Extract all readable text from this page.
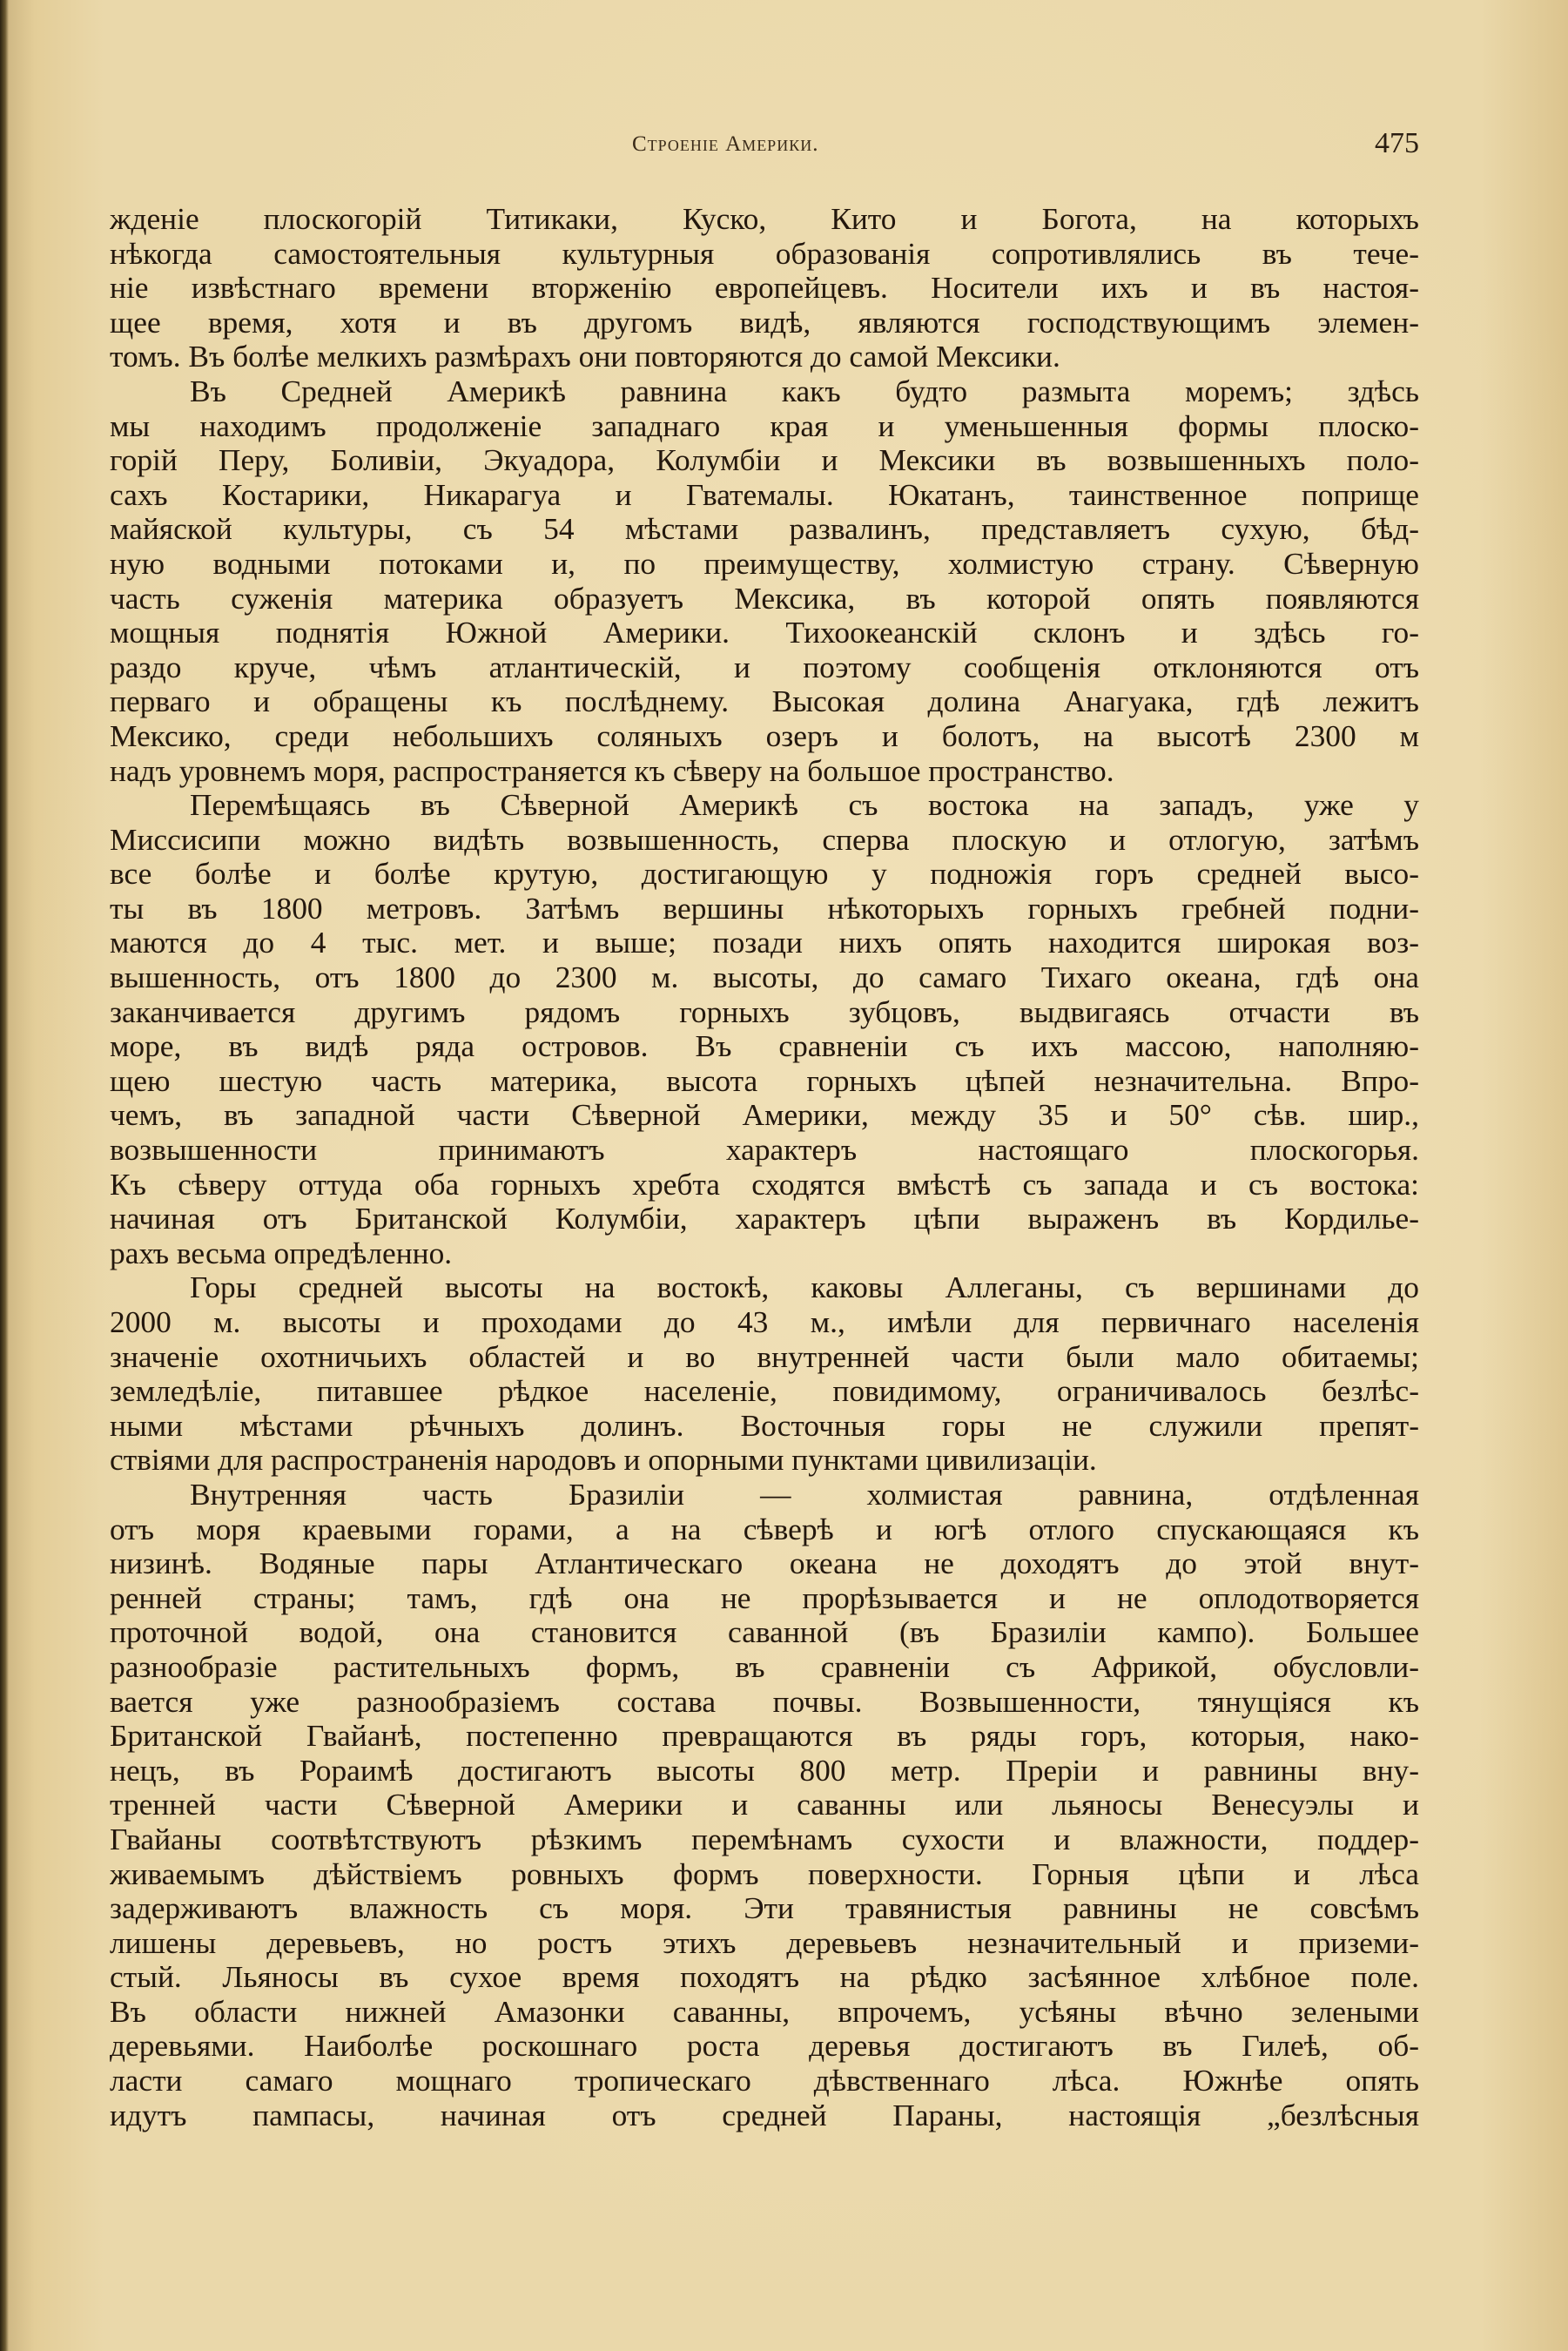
Строеніе Америки.	475
жденіе плоскогорій Титикаки, Куско, Кито и Богота, на которыхъ
нѣкогда самостоятельныя культурныя образованія сопротивлялись въ тече-
ніе извѣстнаго времени вторженію европейцевъ. Носители ихъ и въ настоя-
щее время, хотя и въ другомъ видѣ, являются господствующимъ элемен-
томъ. Въ болѣе мелкихъ размѣрахъ они повторяются до самой Мексики.
Въ Средней Америкѣ равнина какъ будто размыта моремъ; здѣсь
мы находимъ продолженіе западнаго края и уменьшенныя формы плоско-
горій Перу, Боливіи, Экуадора, Колумбіи и Мексики въ возвышенныхъ поло-
сахъ Костарики, Никарагуа и Гватемалы. Юкатанъ, таинственное поприще
майяской культуры, съ 54 мѣстами развалинъ, представляетъ сухую, бѣд-
ную водными потоками и, по преимуществу, холмистую страну. Сѣверную
часть суженія материка образуетъ Мексика, въ которой опять появляются
мощныя поднятія Южной Америки. Тихоокеанскій склонъ и здѣсь го-
раздо круче, чѣмъ атлантическій, и поэтому сообщенія отклоняются отъ
перваго и обращены къ послѣднему. Высокая долина Анагуака, гдѣ лежитъ
Мексико, среди небольшихъ соляныхъ озеръ и болотъ, на высотѣ 2300 м
надъ уровнемъ моря, распространяется къ сѣверу на большое пространство.
Перемѣщаясь въ Сѣверной Америкѣ съ востока на западъ, уже у
Миссисипи можно видѣть возвышенность, сперва плоскую и отлогую, затѣмъ
все болѣе и болѣе крутую, достигающую у подножія горъ средней высо-
ты въ 1800 метровъ. Затѣмъ вершины нѣкоторыхъ горныхъ гребней подни-
маются до 4 тыс. мет. и выше; позади нихъ опять находится широкая воз-
вышенность, отъ 1800 до 2300 м. высоты, до самаго Тихаго океана, гдѣ она
заканчивается другимъ рядомъ горныхъ зубцовъ, выдвигаясь отчасти въ
море, въ видѣ ряда островов. Въ сравненіи съ ихъ массою, наполняю-
щею шестую часть материка, высота горныхъ цѣпей незначительна. Впро-
чемъ, въ западной части Сѣверной Америки, между 35 и 50° сѣв. шир.,
возвышенности принимаютъ характеръ настоящаго плоскогорья.
Къ сѣверу оттуда оба горныхъ хребта сходятся вмѣстѣ съ запада и съ востока:
начиная отъ Британской Колумбіи, характеръ цѣпи выраженъ въ Кордилье-
рахъ весьма опредѣленно.
Горы средней высоты на востокѣ, каковы Аллеганы, съ вершинами до
2000 м. высоты и проходами до 43 м., имѣли для первичнаго населенія
значеніе охотничьихъ областей и во внутренней части были мало обитаемы;
земледѣліе, питавшее рѣдкое населеніе, повидимому, ограничивалось безлѣс-
ными мѣстами рѣчныхъ долинъ. Восточныя горы не служили препят-
ствіями для распространенія народовъ и опорными пунктами цивилизаціи.
Внутренняя часть Бразиліи — холмистая равнина, отдѣленная
отъ моря краевыми горами, а на сѣверѣ и югѣ отлого спускающаяся къ
низинѣ. Водяные пары Атлантическаго океана не доходятъ до этой внут-
ренней страны; тамъ, гдѣ она не прорѣзывается и не оплодотворяется
проточной водой, она становится саванной (въ Бразиліи кампо). Большее
разнообразіе растительныхъ формъ, въ сравненіи съ Африкой, обусловли-
вается уже разнообразіемъ состава почвы. Возвышенности, тянущіяся къ
Британской Гвайанѣ, постепенно превращаются въ ряды горъ, которыя, нако-
нецъ, въ Рораимѣ достигаютъ высоты 800 метр. Преріи и равнины вну-
тренней части Сѣверной Америки и саванны или льяносы Венесуэлы и
Гвайаны соотвѣтствуютъ рѣзкимъ перемѣнамъ сухости и влажности, поддер-
живаемымъ дѣйствіемъ ровныхъ формъ поверхности. Горныя цѣпи и лѣса
задерживаютъ влажность съ моря. Эти травянистыя равнины не совсѣмъ
лишены деревьевъ, но ростъ этихъ деревьевъ незначительный и приземи-
стый. Льяносы въ сухое время походятъ на рѣдко засѣянное хлѣбное поле.
Въ области нижней Амазонки саванны, впрочемъ, усѣяны вѣчно зелеными
деревьями. Наиболѣе роскошнаго роста деревья достигаютъ въ Гилеѣ, об-
ласти самаго мощнаго тропическаго дѣвственнаго лѣса. Южнѣе опять
идутъ пампасы, начиная отъ средней Параны, настоящія „безлѣсныя
